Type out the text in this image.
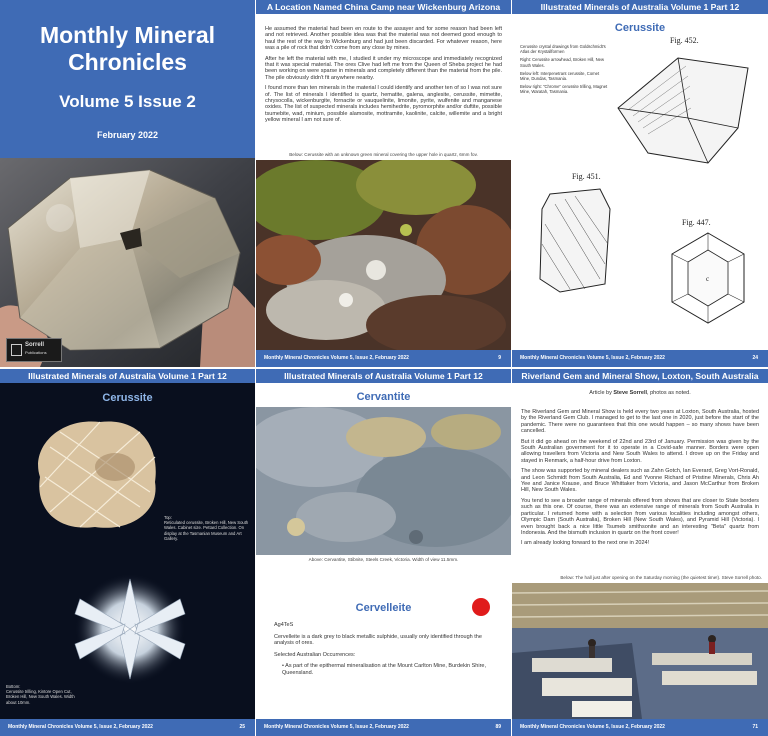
Monthly Mineral
Chronicles
Volume 5 Issue 2
February 2022
Sorrell
Publications
A Location Named China Camp near Wickenburg Arizona

He assumed the material had been en route to the assayer and for some reason had been left and not retrieved. Another possible idea was that the material was not deemed good enough to haul the rest of the way to Wickenburg and had just been discarded. For whatever reason, here was a pile of rock that didn't come from any close by mines.

After he left the material with me, I studied it under my microscope and immediately recognized that it was special material. The ores Clive had left me from the Queen of Sheba project he had been working on were sparse in minerals and completely different than the material from the pile. The pile obviously didn't fit anywhere nearby.

I found more than ten minerals in the material I could identify and another ten of so I was not sure of. The list of minerals I identified is quartz, hematite, galena, anglesite, cerussite, mimetite, chrysocolla, wickenburgite, fornacite or vauquelinite, limonite, pyrite, wulfenite and manganese oxides. The list of suspected minerals includes hemihedrite, pyromorphite and/or duftite, possible tsumebite, wad, minium, possible alamosite, mottramite, kaolinite, calcite, willemite and a bright yellow mineral I am not sure of.

Below: Cerussite with an unknown green mineral covering the upper hole in quartz, 6mm fov.
Monthly Mineral Chronicles Volume 5, Issue 2, February 2022	9
Illustrated Minerals of Australia Volume 1 Part 12
Cerussite

Cerussite crystal drawings from Goldschmidt's Atlas der Krystallformen

Right: Cerussite arrowhead, Broken Hill, New South Wales.

Below left: Interpenetrant cerussite, Comet Mine, Dundas, Tasmania.

Below right: "Chrome" cerussite trilling, Magnet Mine, Waratah, Tasmania.

Fig. 452.
Fig. 451.
Fig. 447.
c
Monthly Mineral Chronicles Volume 5, Issue 2, February 2022	24
Illustrated Minerals of Australia Volume 1 Part 12
Cerussite
Top:
Reticulated cerussite, Broken Hill, New South Wales. Cabinet size. Pettard Collection. On display at the Tasmanian Museum and Art Gallery.
Bottom:
Cerussite trilling, Kintore Open Cut, Broken Hill, New South Wales. Width about 10mm.
Monthly Mineral Chronicles Volume 5, Issue 2, February 2022	25
Illustrated Minerals of Australia Volume 1 Part 12
Cervantite
Above: Cervantite, Stibnite, Steels Creek, Victoria. Width of view 11.5mm.
Cervelleite

Ag4TeS

Cervelleite is a dark grey to black metallic sulphide, usually only identified through the analysis of ores.

Selected Australian Occurrences:

• As part of the epithermal mineralisation at the Mount Carlton Mine, Burdekin Shire, Queensland.

Monthly Mineral Chronicles Volume 5, Issue 2, February 2022	89
Riverland Gem and Mineral Show, Loxton, South Australia
Article by Steve Sorrell, photos as noted.

The Riverland Gem and Mineral Show is held every two years at Loxton, South Australia, hosted by the Riverland Gem Club. I managed to get to the last one in 2020, just before the start of the pandemic. There were no guarantees that this one would happen – so many shows have been cancelled.

But it did go ahead on the weekend of 22nd and 23rd of January. Permission was given by the South Australian government for it to operate in a Covid-safe manner. Borders were open allowing travellers from Victoria and New South Wales to attend. I drove up on the Friday and stayed in Renmark, a half-hour drive from Loxton.

The show was supported by mineral dealers such as Zahn Gotch, Ian Everard, Greg Vort-Ronald, and Leon Schmidt from South Australia, Ed and Yvonne Richard of Pristine Minerals, Chris Ah Yee and Janice Krause, and Bruce Whittaker from Victoria, and Jason McCarthur from Broken Hill, New South Wales.

You tend to see a broader range of minerals offered from shows that are closer to State borders such as this one. Of course, there was an extensive range of minerals from South Australia in particular. I returned home with a selection from various localities including amongst others, Olympic Dam (South Australia), Broken Hill (New South Wales), and Pyramid Hill (Victoria). I even brought back a nice little Tsumeb smithsonite and an interesting "Beta" quartz from Indonesia. And the bismuth inclusion in quartz on the front cover!

I am already looking forward to the next one in 2024!

Below: The hall just after opening on the Saturday morning (the quietest time!). Steve Sorrell photo.
Monthly Mineral Chronicles Volume 5, Issue 2, February 2022	71
